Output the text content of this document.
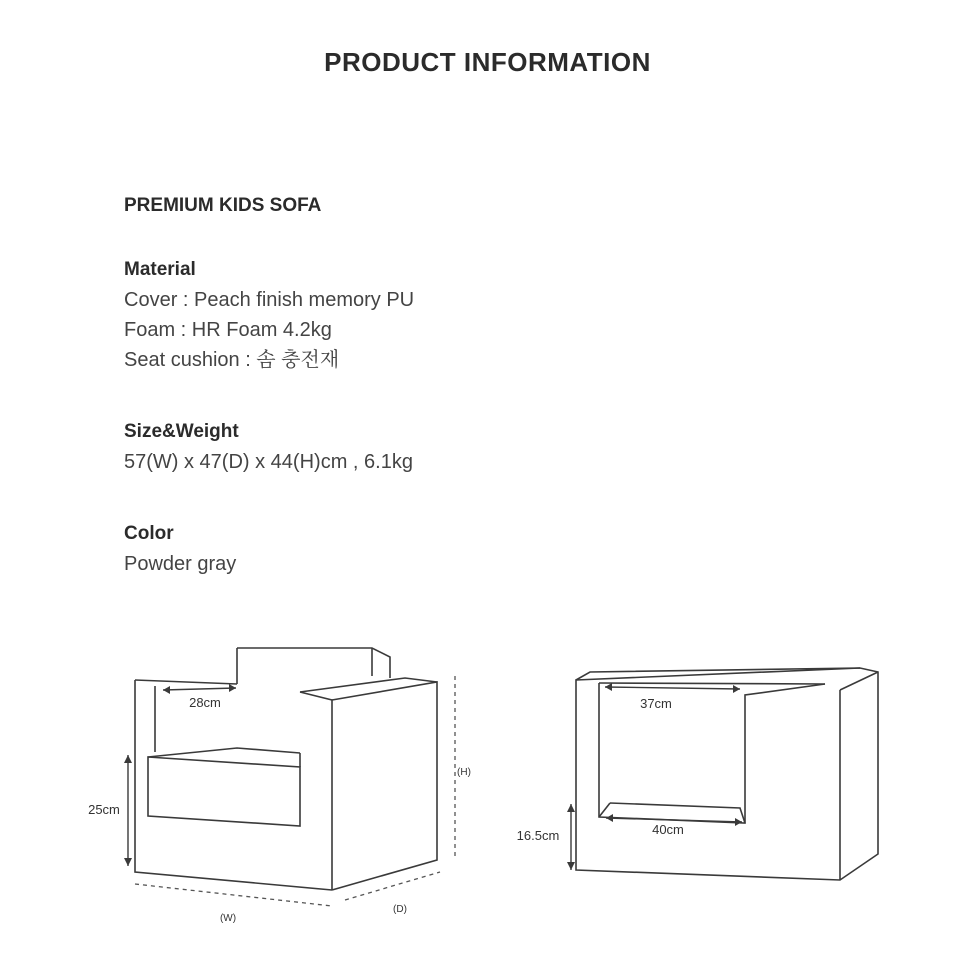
PRODUCT INFORMATION
PREMIUM KIDS SOFA
Material
Cover : Peach finish memory PU
Foam : HR Foam 4.2kg
Seat cushion : 솜 충전재
Size&Weight
57(W) x 47(D) x 44(H)cm , 6.1kg
Color
Powder gray
28cm
25cm
(H)
(W)
(D)
37cm
40cm
16.5cm
